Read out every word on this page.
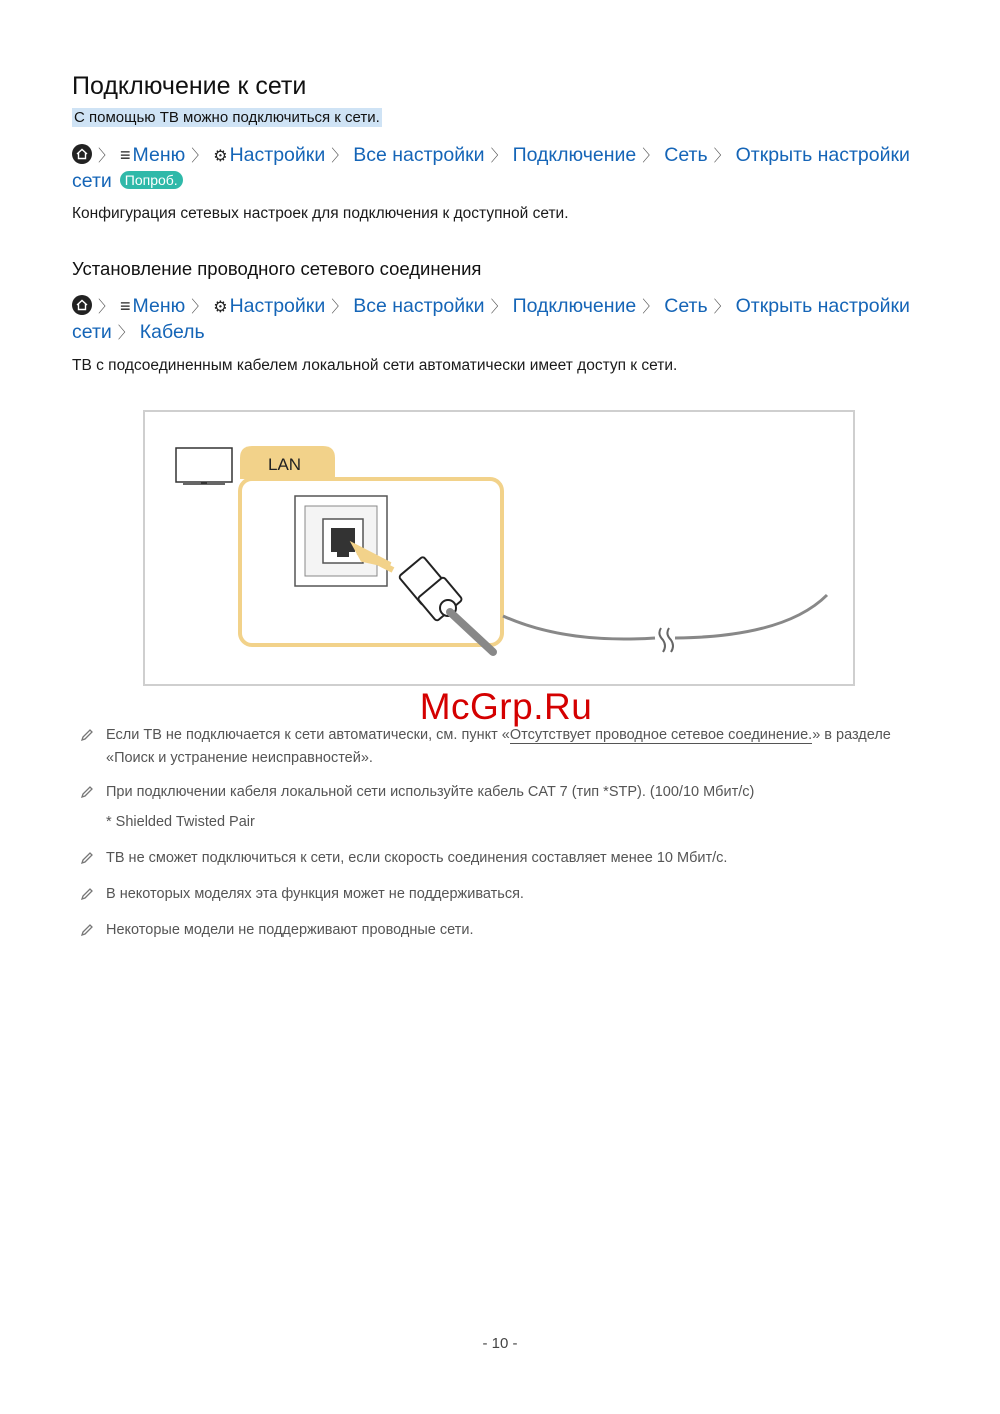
Подключение к сети
С помощью ТВ можно подключиться к сети.
〉 ≡ Меню 〉 ⚙ Настройки 〉 Все настройки 〉 Подключение 〉 Сеть 〉 Открыть настройки
сети Попроб.
Конфигурация сетевых настроек для подключения к доступной сети.
Установление проводного сетевого соединения
〉 ≡ Меню 〉 ⚙ Настройки 〉 Все настройки 〉 Подключение 〉 Сеть 〉 Открыть настройки
сети 〉 Кабель
ТВ с подсоединенным кабелем локальной сети автоматически имеет доступ к сети.
LAN
McGrp.Ru
Если ТВ не подключается к сети автоматически, см. пункт «Отсутствует проводное сетевое соединение.» в разделе «Поиск и устранение неисправностей».
При подключении кабеля локальной сети используйте кабель CAT 7 (тип *STP). (100/10 Мбит/с)
* Shielded Twisted Pair
ТВ не сможет подключиться к сети, если скорость соединения составляет менее 10 Мбит/с.
В некоторых моделях эта функция может не поддерживаться.
Некоторые модели не поддерживают проводные сети.
- 10 -
